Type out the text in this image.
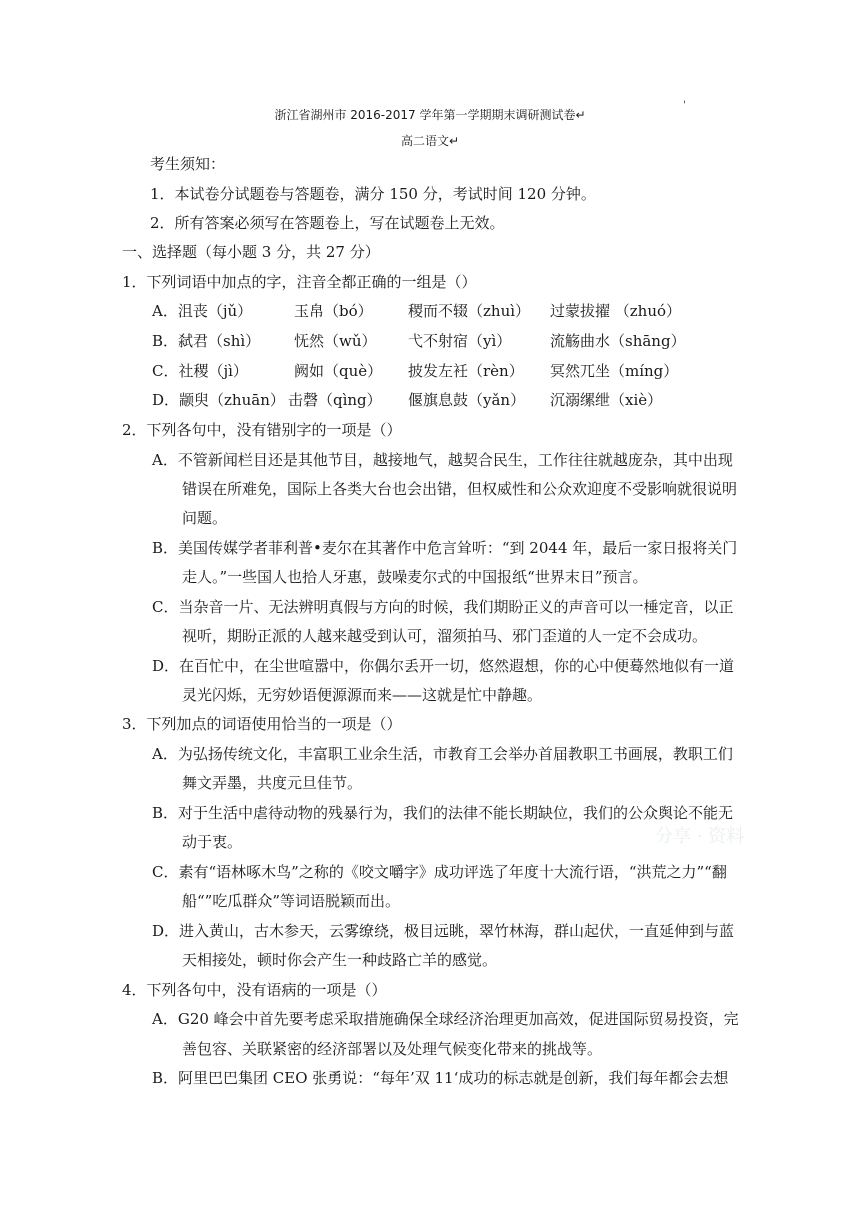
'
浙江省湖州市 2016-2017 学年第一学期期末调研测试卷↵
高二语文↵
考生须知：
1．本试卷分试题卷与答题卷，满分 150 分，考试时间 120 分钟。
2．所有答案必须写在答题卷上，写在试题卷上无效。
一、选择题（每小题 3 分，共 27 分）
1．下列词语中加点的字，注音全都正确的一组是（）
A．沮丧（jǔ）	玉帛（bó） 稷而不辍（zhuì） 过蒙拔擢 （zhuó）
B．弑君（shì） 怃然（wǔ） 弋不射宿（yì）	流觞曲水（shāng）
C．社稷（jì）	阙如（què） 披发左衽（rèn） 冥然兀坐（míng）
D．颛臾（zhuān） 击磬（qìng） 偃旗息鼓（yǎn） 沉溺缧绁（xiè）
2．下列各句中，没有错别字的一项是（）
A．不管新闻栏目还是其他节目，越接地气，越契合民生，工作往往就越庞杂，其中出现
错误在所难免，国际上各类大台也会出错，但权威性和公众欢迎度不受影响就很说明
问题。
B．美国传媒学者菲利普•麦尔在其著作中危言耸听：“到 2044 年，最后一家日报将关门
走人。”一些国人也拾人牙惠，鼓噪麦尔式的中国报纸“世界末日”预言。
C．当杂音一片、无法辨明真假与方向的时候，我们期盼正义的声音可以一棰定音，以正
视听，期盼正派的人越来越受到认可，溜须拍马、邪门歪道的人一定不会成功。
D．在百忙中，在尘世喧嚣中，你偶尔丢开一切，悠然遐想，你的心中便蓦然地似有一道
灵光闪烁，无穷妙语便源源而来——这就是忙中静趣。
3．下列加点的词语使用恰当的一项是（）
A．为弘扬传统文化，丰富职工业余生活，市教育工会举办首届教职工书画展，教职工们
舞文弄墨，共度元旦佳节。
B．对于生活中虐待动物的残暴行为，我们的法律不能长期缺位，我们的公众舆论不能无
动于衷。
C．素有“语林啄木鸟”之称的《咬文嚼字》成功评选了年度十大流行语，“洪荒之力”“翻
船“”吃瓜群众”等词语脱颖而出。
D．进入黄山，古木参天，云雾缭绕，极目远眺，翠竹林海，群山起伏，一直延伸到与蓝
天相接处，顿时你会产生一种歧路亡羊的感觉。
4．下列各句中，没有语病的一项是（）
A．G20 峰会中首先要考虑采取措施确保全球经济治理更加高效，促进国际贸易投资，完
善包容、关联紧密的经济部署以及处理气候变化带来的挑战等。
B．阿里巴巴集团 CEO 张勇说：“每年’双 11‘成功的标志就是创新，我们每年都会去想
分享 · 资料
